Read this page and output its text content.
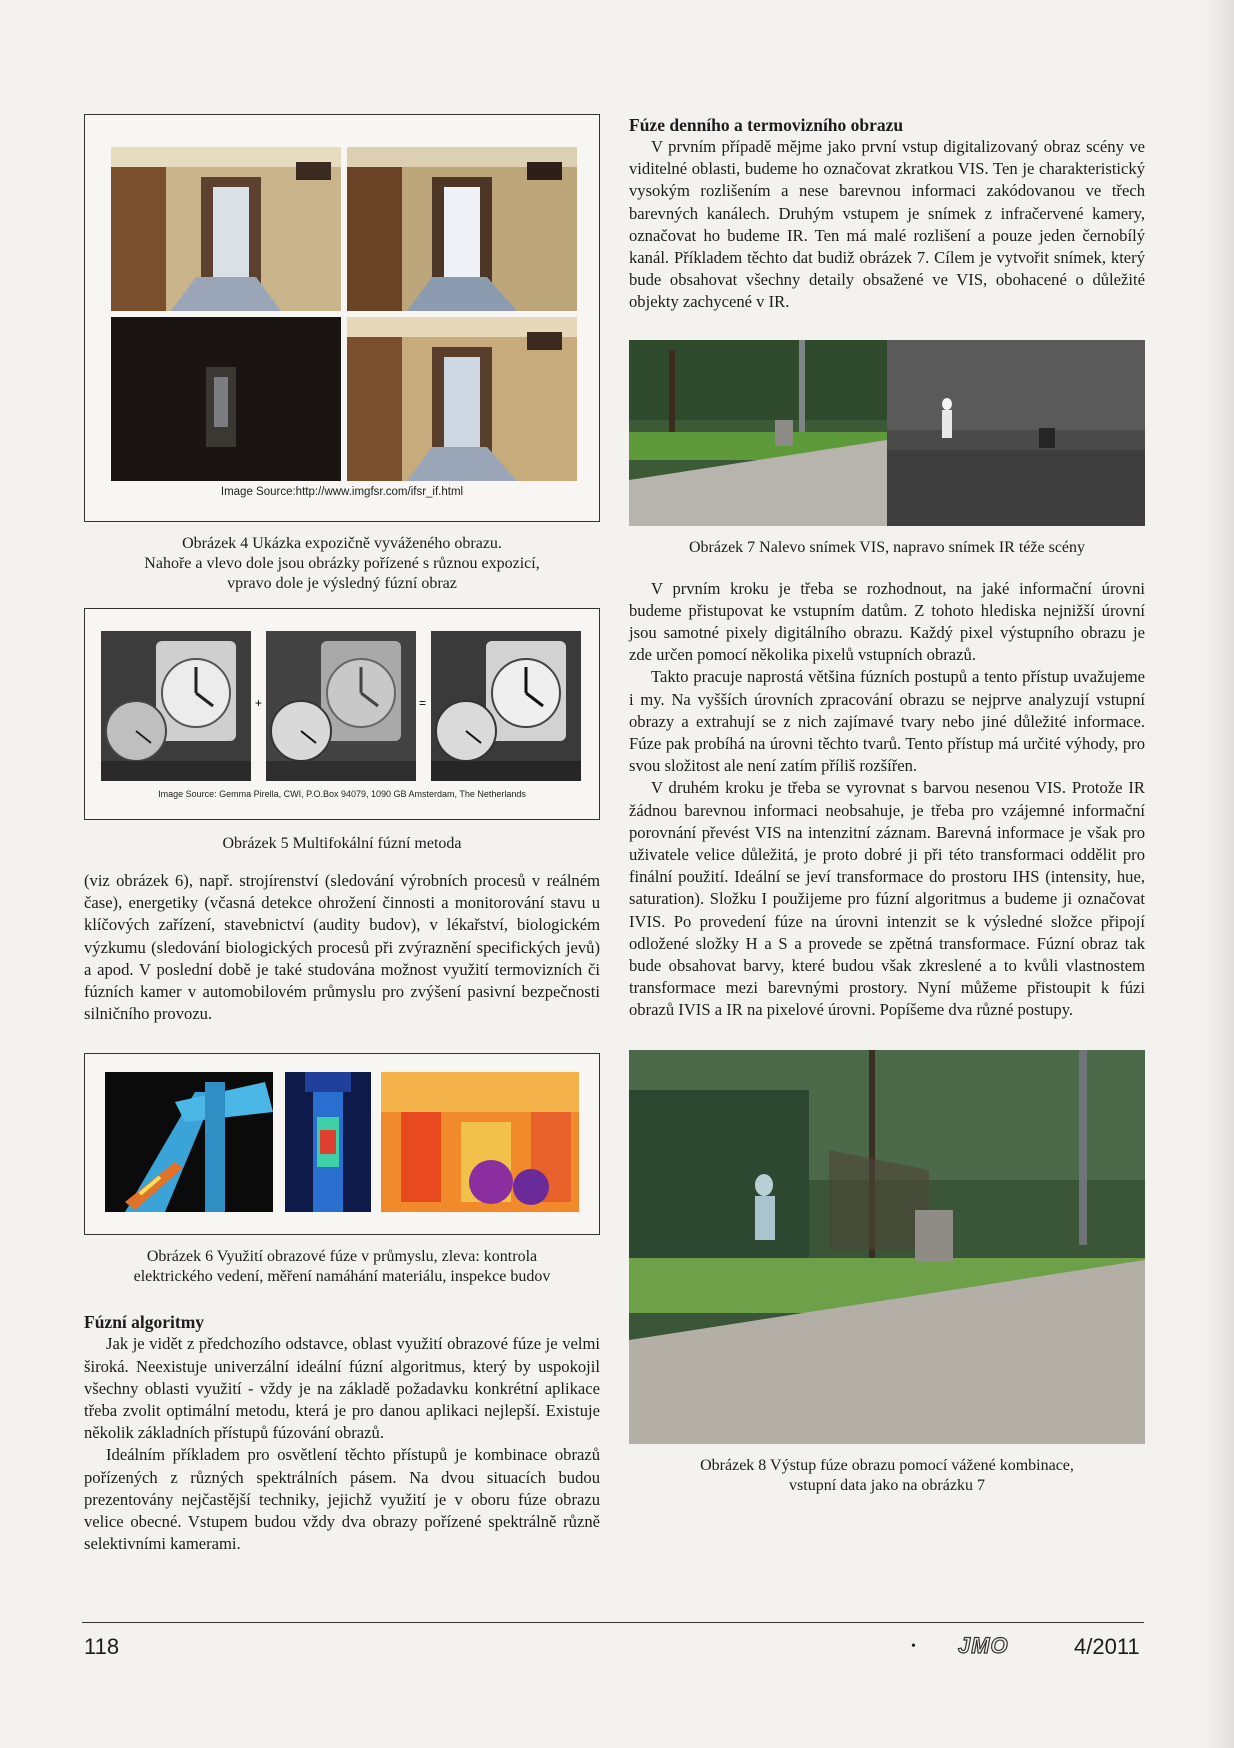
Image Source:http://www.imgfsr.com/ifsr_if.html

Obrázek 4 Ukázka expozičně vyváženého obrazu.

Nahoře a vlevo dole jsou obrázky pořízené s různou expozicí,

vpravo dole je výsledný fúzní obraz

+	=
Image Source: Gemma Pirella, CWI, P.O.Box 94079, 1090 GB Amsterdam, The Netherlands

Obrázek 5 Multifokální fúzní metoda

(viz obrázek 6), např. strojírenství (sledování výrobních procesů v reálném čase), energetiky (včasná detekce ohrožení činnosti a monitorování stavu u klíčových zařízení, stavebnictví (audity budov), v lékařství, biologickém výzkumu (sledování biologických procesů při zvýraznění specifických jevů) a apod. V poslední době je také studována možnost využití termovizních či fúzních kamer v automobilovém průmyslu pro zvýšení pasivní bezpečnosti silničního provozu.

Obrázek 6 Využití obrazové fúze v průmyslu, zleva: kontrola

elektrického vedení, měření namáhání materiálu, inspekce budov

Fúzní algoritmy

Jak je vidět z předchozího odstavce, oblast využití obrazové fúze je velmi široká. Neexistuje univerzální ideální fúzní algoritmus, který by uspokojil všechny oblasti využití - vždy je na základě požadavku konkrétní aplikace třeba zvolit optimální metodu, která je pro danou aplikaci nejlepší. Existuje několik základních přístupů fúzování obrazů.

Ideálním příkladem pro osvětlení těchto přístupů je kombinace obrazů pořízených z různých spektrálních pásem. Na dvou situacích budou prezentovány nejčastější techniky, jejichž využití je v oboru fúze obrazu velice obecné. Vstupem budou vždy dva obrazy pořízené spektrálně různě selektivními kamerami.

Fúze denního a termovizního obrazu

V prvním případě mějme jako první vstup digitalizovaný obraz scény ve viditelné oblasti, budeme ho označovat zkratkou VIS. Ten je charakteristický vysokým rozlišením a nese barevnou informaci zakódovanou ve třech barevných kanálech. Druhým vstupem je snímek z infračervené kamery, označovat ho budeme IR. Ten má malé rozlišení a pouze jeden černobílý kanál. Příkladem těchto dat budiž obrázek 7. Cílem je vytvořit snímek, který bude obsahovat všechny detaily obsažené ve VIS, obohacené o důležité objekty zachycené v IR.

Obrázek 7 Nalevo snímek VIS, napravo snímek IR téže scény

V prvním kroku je třeba se rozhodnout, na jaké informační úrovni budeme přistupovat ke vstupním datům. Z tohoto hlediska nejnižší úrovní jsou samotné pixely digitálního obrazu. Každý pixel výstupního obrazu je zde určen pomocí několika pixelů vstupních obrazů.

Takto pracuje naprostá většina fúzních postupů a tento přístup uvažujeme i my. Na vyšších úrovních zpracování obrazu se nejprve analyzují vstupní obrazy a extrahují se z nich zajímavé tvary nebo jiné důležité informace. Fúze pak probíhá na úrovni těchto tvarů. Tento přístup má určité výhody, pro svou složitost ale není zatím příliš rozšířen.

V druhém kroku je třeba se vyrovnat s barvou nesenou VIS. Protože IR žádnou barevnou informaci neobsahuje, je třeba pro vzájemné informační porovnání převést VIS na intenzitní záznam. Barevná informace je však pro uživatele velice důležitá, je proto dobré ji při této transformaci oddělit pro finální použití. Ideální se jeví transformace do prostoru IHS (intensity, hue, saturation). Složku I použijeme pro fúzní algoritmus a budeme ji označovat IVIS. Po provedení fúze na úrovni intenzit se k výsledné složce připojí odložené složky H a S a provede se zpětná transformace. Fúzní obraz tak bude obsahovat barvy, které budou však zkreslené a to kvůli vlastnostem transformace mezi barevnými prostory. Nyní můžeme přistoupit k fúzi obrazů IVIS a IR na pixelové úrovni. Popíšeme dva různé postupy.

Obrázek 8 Výstup fúze obrazu pomocí vážené kombinace,

vstupní data jako na obrázku 7

118	• JMO	4/2011
